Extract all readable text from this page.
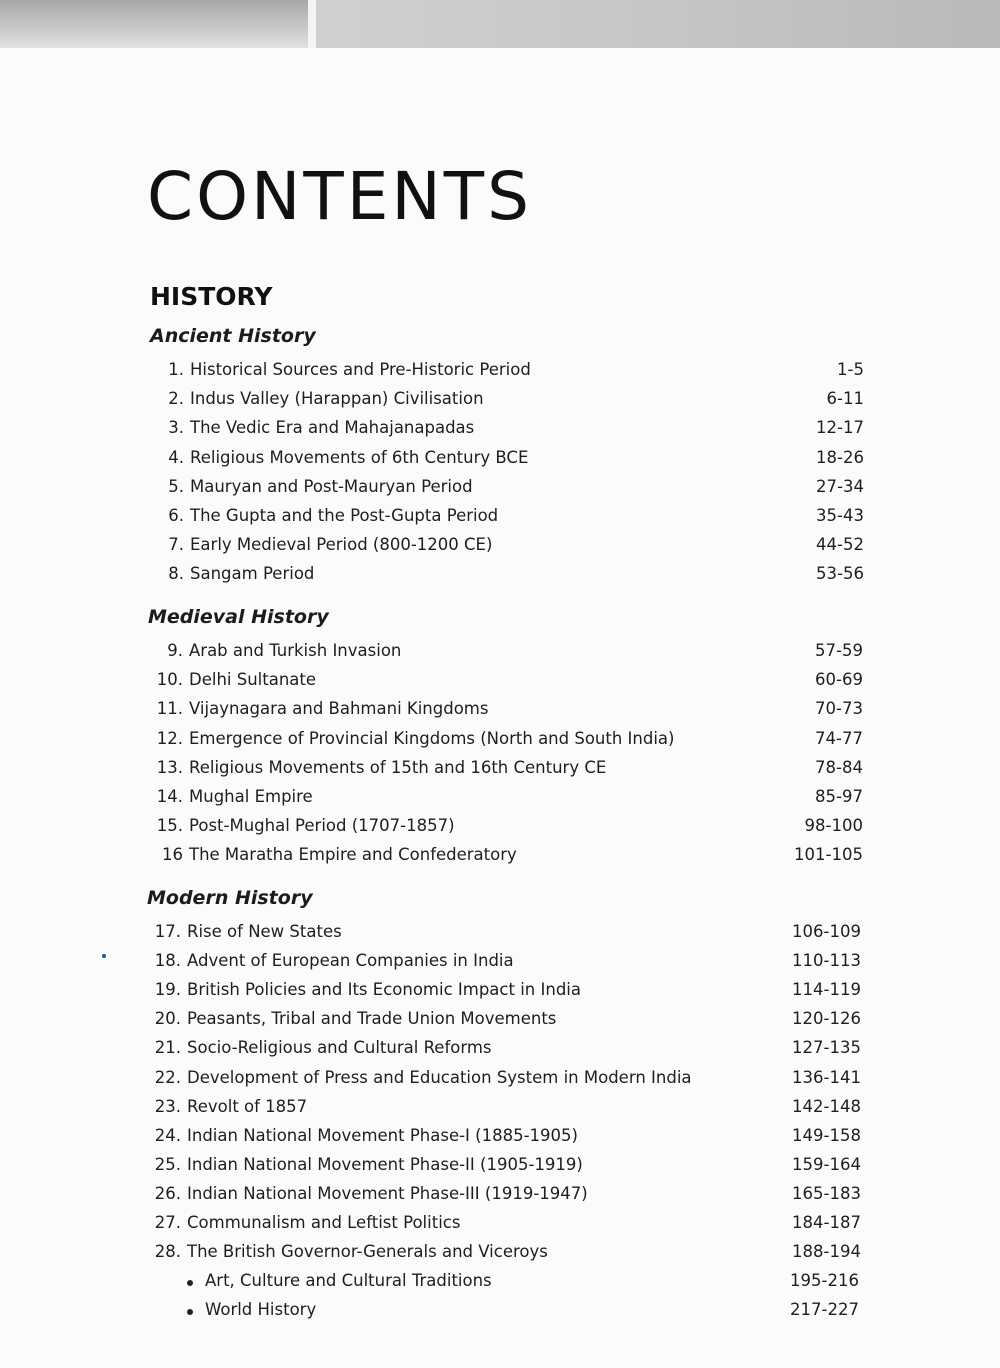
CONTENTS
HISTORY
Ancient History
1. Historical Sources and Pre-Historic Period	1-5
2. Indus Valley (Harappan) Civilisation	6-11
3. The Vedic Era and Mahajanapadas	12-17
4. Religious Movements of 6th Century BCE	18-26
5. Mauryan and Post-Mauryan Period	27-34
6. The Gupta and the Post-Gupta Period	35-43
7. Early Medieval Period (800-1200 CE)	44-52
8. Sangam Period	53-56
Medieval History
9. Arab and Turkish Invasion	57-59
10. Delhi Sultanate	60-69
11. Vijaynagara and Bahmani Kingdoms	70-73
12. Emergence of Provincial Kingdoms (North and South India)	74-77
13. Religious Movements of 15th and 16th Century CE	78-84
14. Mughal Empire	85-97
15. Post-Mughal Period (1707-1857)	98-100
16 The Maratha Empire and Confederatory	101-105
Modern History
17. Rise of New States	106-109
18. Advent of European Companies in India	110-113
19. British Policies and Its Economic Impact in India	114-119
20. Peasants, Tribal and Trade Union Movements	120-126
21. Socio-Religious and Cultural Reforms	127-135
22. Development of Press and Education System in Modern India	136-141
23. Revolt of 1857	142-148
24. Indian National Movement Phase-I (1885-1905)	149-158
25. Indian National Movement Phase-II (1905-1919)	159-164
26. Indian National Movement Phase-III (1919-1947)	165-183
27. Communalism and Leftist Politics	184-187
28. The British Governor-Generals and Viceroys	188-194
Art, Culture and Cultural Traditions	195-216
World History	217-227
